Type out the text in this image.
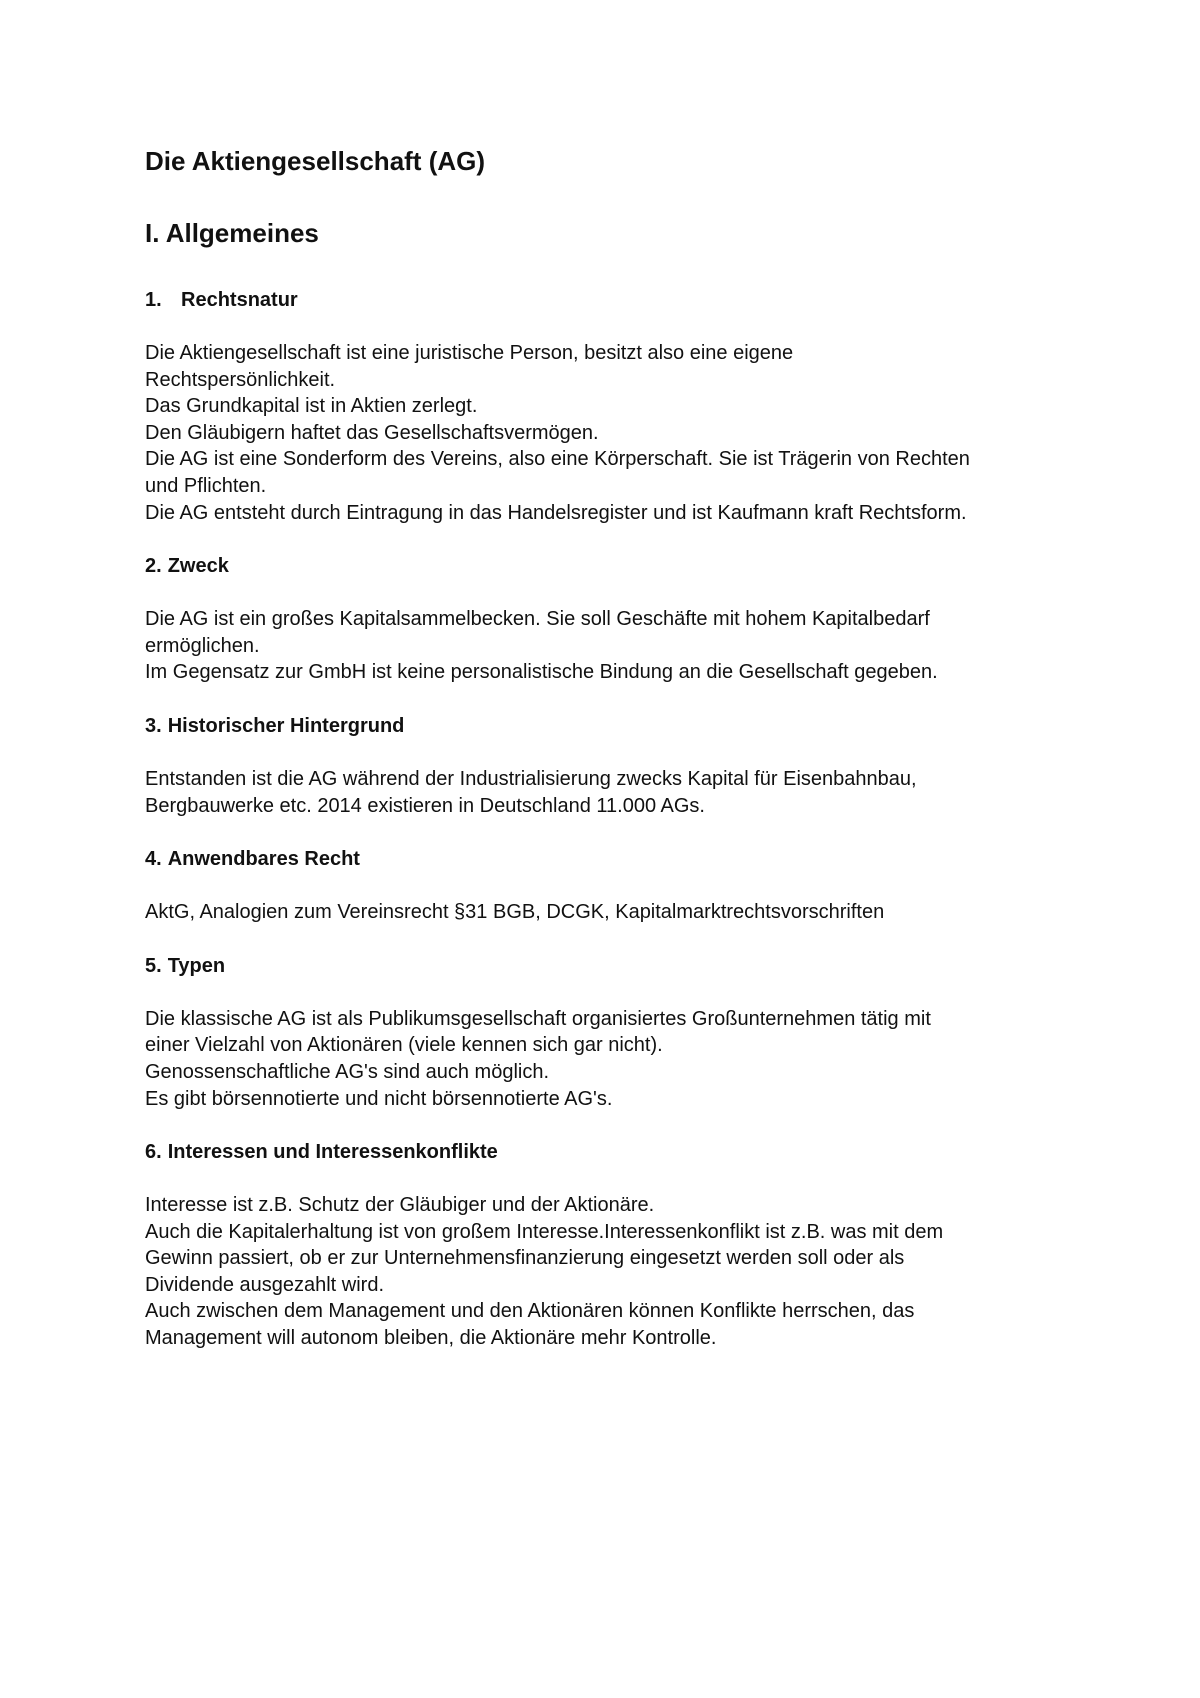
Die Aktiengesellschaft (AG)
I. Allgemeines
1. Rechtsnatur

Die Aktiengesellschaft ist eine juristische Person, besitzt also eine eigene
Rechtspersönlichkeit.
Das Grundkapital ist in Aktien zerlegt.
Den Gläubigern haftet das Gesellschaftsvermögen.
Die AG ist eine Sonderform des Vereins, also eine Körperschaft. Sie ist Trägerin von Rechten
und Pflichten.
Die AG entsteht durch Eintragung in das Handelsregister und ist Kaufmann kraft Rechtsform.

2. Zweck

Die AG ist ein großes Kapitalsammelbecken. Sie soll Geschäfte mit hohem Kapitalbedarf
ermöglichen.
Im Gegensatz zur GmbH ist keine personalistische Bindung an die Gesellschaft gegeben.

3. Historischer Hintergrund

Entstanden ist die AG während der Industrialisierung zwecks Kapital für Eisenbahnbau,
Bergbauwerke etc. 2014 existieren in Deutschland 11.000 AGs.

4. Anwendbares Recht

AktG, Analogien zum Vereinsrecht §31 BGB, DCGK, Kapitalmarktrechtsvorschriften

5. Typen

Die klassische AG ist als Publikumsgesellschaft organisiertes Großunternehmen tätig mit
einer Vielzahl von Aktionären (viele kennen sich gar nicht).
Genossenschaftliche AG's sind auch möglich.
Es gibt börsennotierte und nicht börsennotierte AG's.

6. Interessen und Interessenkonflikte

Interesse ist z.B. Schutz der Gläubiger und der Aktionäre.
Auch die Kapitalerhaltung ist von großem Interesse.Interessenkonflikt ist z.B. was mit dem
Gewinn passiert, ob er zur Unternehmensfinanzierung eingesetzt werden soll oder als
Dividende ausgezahlt wird.
Auch zwischen dem Management und den Aktionären können Konflikte herrschen, das
Management will autonom bleiben, die Aktionäre mehr Kontrolle.
